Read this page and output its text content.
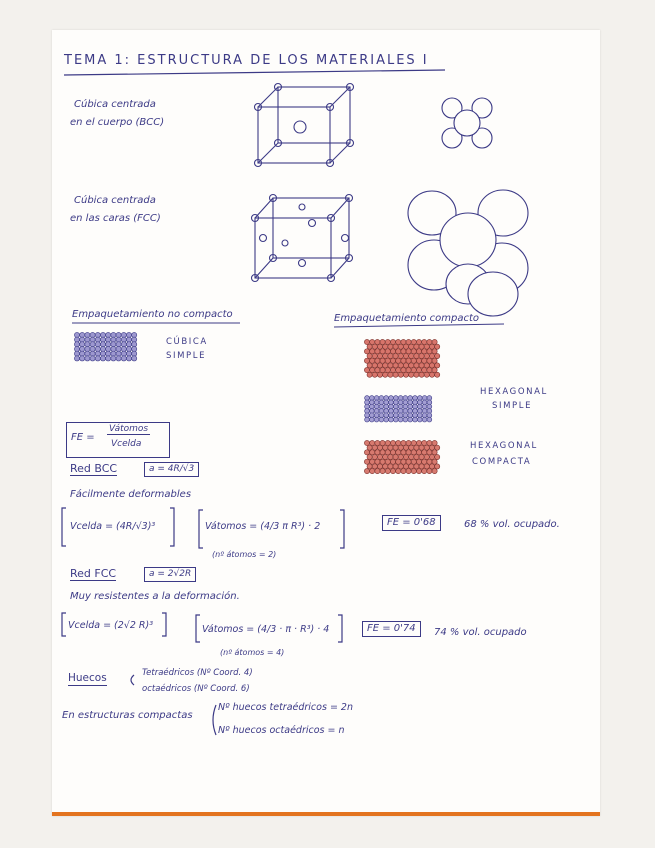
TEMA 1: ESTRUCTURA DE LOS MATERIALES I
Cúbica centrada
en el cuerpo (BCC)
Cúbica centrada
en las caras (FCC)
Empaquetamiento no compacto	Empaquetamiento compacto
CÚBICA
SIMPLE
HEXAGONAL
SIMPLE
HEXAGONAL
COMPACTA
FE =
Vátomos
Vcelda
Red BCC	a = 4R/√3
Fácilmente deformables
Vcelda = (4R/√3)³	Vátomos = (4/3 π R³) · 2
(nº átomos = 2)
FE = 0'68	68 % vol. ocupado.
Red FCC	a = 2√2R
Muy resistentes a la deformación.
Vcelda = (2√2 R)³	Vátomos = (4/3 · π · R³) · 4
(nº átomos = 4)
FE = 0'74	74 % vol. ocupado
Huecos	Tetraédricos (Nº Coord. 4)
octaédricos (Nº Coord. 6)
En estructuras compactas
Nº huecos tetraédricos = 2n
Nº huecos octaédricos = n
